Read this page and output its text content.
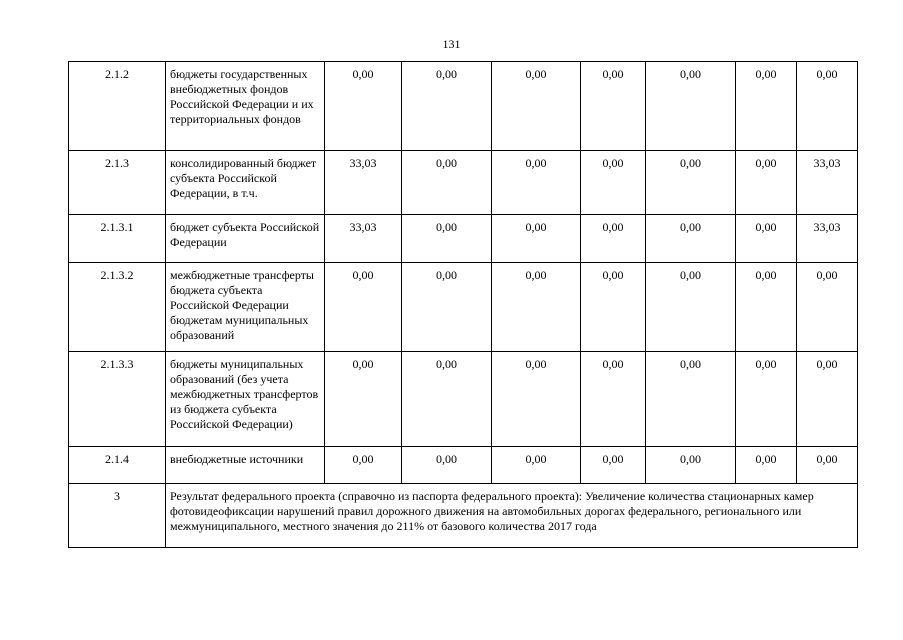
131
2.1.2	бюджеты государственных внебюджетных фондов Российской Федерации и их территориальных фондов	0,00	0,00	0,00	0,00	0,00	0,00	0,00
2.1.3	консолидированный бюджет субъекта Российской Федерации, в т.ч.	33,03	0,00	0,00	0,00	0,00	0,00	33,03
2.1.3.1	бюджет субъекта Российской Федерации	33,03	0,00	0,00	0,00	0,00	0,00	33,03
2.1.3.2	межбюджетные трансферты бюджета субъекта Российской Федерации бюджетам муниципальных образований	0,00	0,00	0,00	0,00	0,00	0,00	0,00
2.1.3.3	бюджеты муниципальных образований (без учета межбюджетных трансфертов из бюджета субъекта Российской Федерации)	0,00	0,00	0,00	0,00	0,00	0,00	0,00
2.1.4	внебюджетные источники	0,00	0,00	0,00	0,00	0,00	0,00	0,00
3	Результат федерального проекта (справочно из паспорта федерального проекта): Увеличение количества стационарных камер фотовидеофиксации нарушений правил дорожного движения на автомобильных дорогах федерального, регионального или межмуниципального, местного значения до 211% от базового количества 2017 года							
